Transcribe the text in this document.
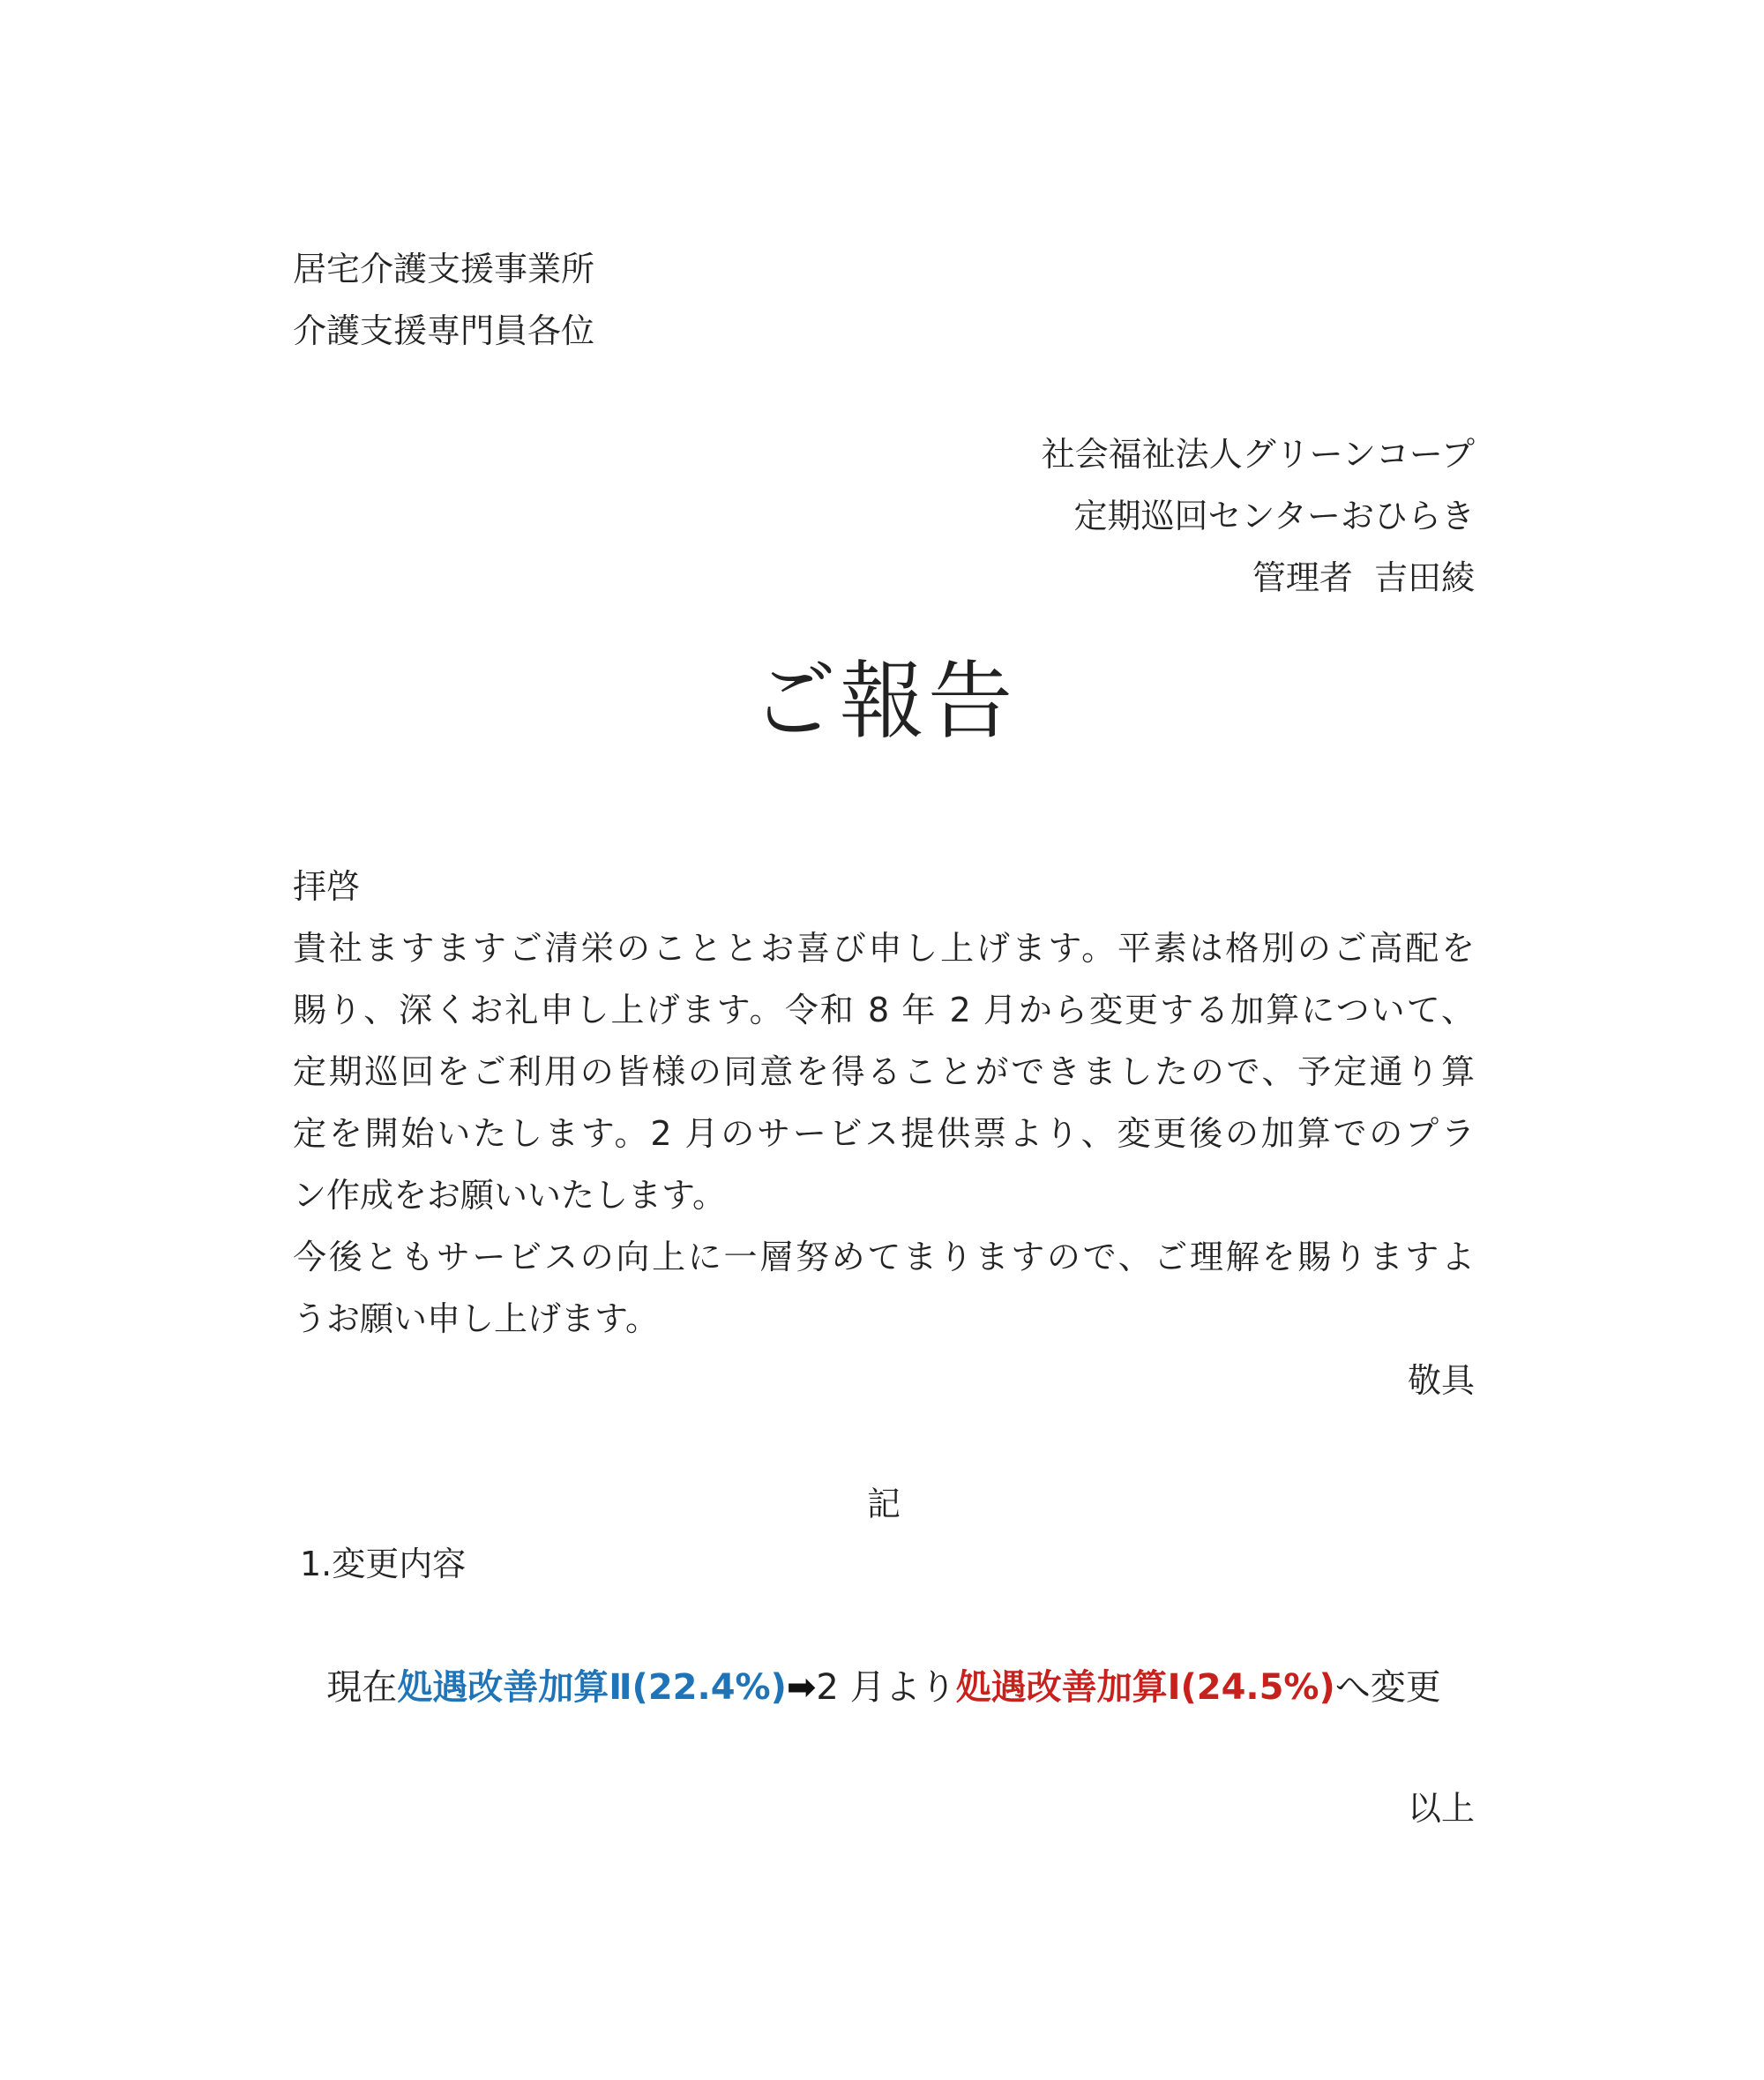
居宅介護支援事業所
介護支援専門員各位
社会福祉法人グリーンコープ
定期巡回センターおひらき
管理者  吉田綾
ご報告
拝啓
貴社ますますご清栄のこととお喜び申し上げます。平素は格別のご高配を
賜り、深くお礼申し上げます。令和 8 年 2 月から変更する加算について、
定期巡回をご利用の皆様の同意を得ることができましたので、予定通り算
定を開始いたします。2 月のサービス提供票より、変更後の加算でのプラ
ン作成をお願いいたします。
今後ともサービスの向上に一層努めてまりますので、ご理解を賜りますよ
うお願い申し上げます。
敬具
記
1.変更内容
現在処遇改善加算Ⅱ(22.4%)➡2 月より処遇改善加算Ⅰ(24.5%)へ変更
以上
